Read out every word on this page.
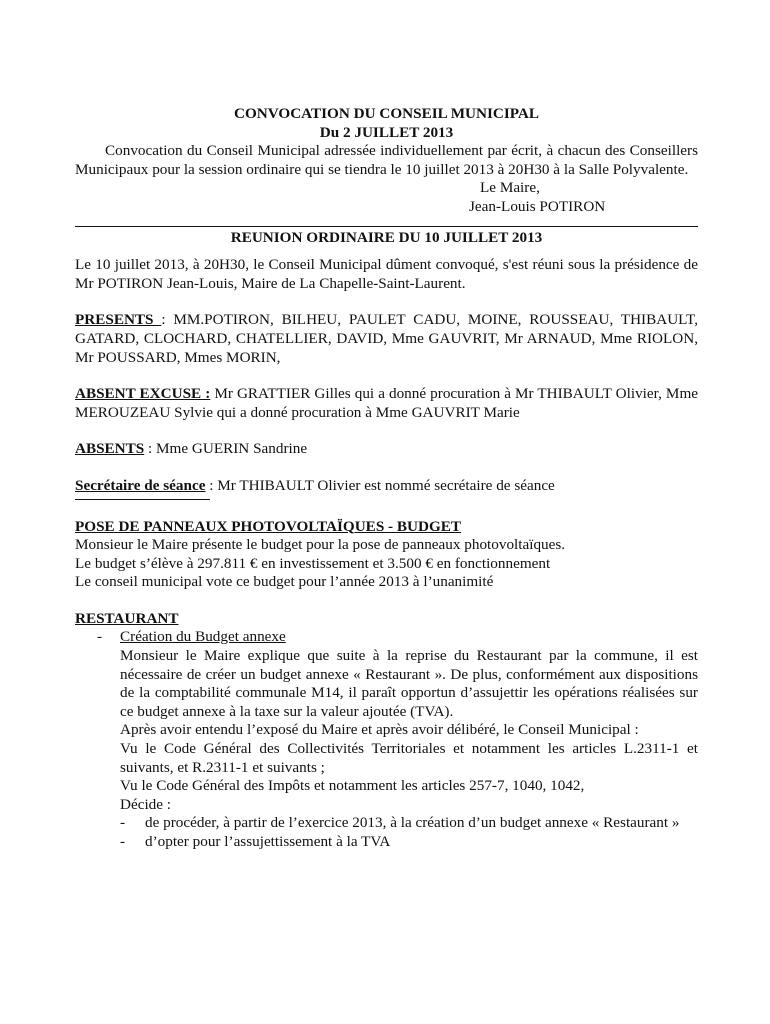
CONVOCATION DU CONSEIL MUNICIPAL
Du 2 JUILLET 2013
Convocation du Conseil Municipal adressée individuellement par écrit, à chacun des Conseillers Municipaux pour la session ordinaire qui se tiendra le 10 juillet 2013 à 20H30 à la Salle Polyvalente.
Le Maire,
Jean-Louis POTIRON
REUNION ORDINAIRE DU 10 JUILLET 2013
Le 10 juillet 2013, à 20H30, le Conseil Municipal dûment convoqué, s'est réuni sous la présidence de Mr POTIRON Jean-Louis, Maire de La Chapelle-Saint-Laurent.
PRESENTS : MM.POTIRON, BILHEU, PAULET CADU, MOINE, ROUSSEAU, THIBAULT, GATARD, CLOCHARD, CHATELLIER, DAVID, Mme GAUVRIT, Mr ARNAUD, Mme RIOLON, Mr POUSSARD, Mmes MORIN,
ABSENT EXCUSE : Mr GRATTIER Gilles qui a donné procuration à Mr THIBAULT Olivier, Mme MEROUZEAU Sylvie qui a donné procuration à Mme GAUVRIT Marie
ABSENTS : Mme GUERIN Sandrine
Secrétaire de séance : Mr THIBAULT Olivier est nommé secrétaire de séance
POSE DE PANNEAUX PHOTOVOLTAÏQUES - BUDGET
Monsieur le Maire présente le budget pour la pose de panneaux photovoltaïques.
Le budget s’élève à 297.811 € en investissement et 3.500 € en fonctionnement
Le conseil municipal vote ce budget pour l’année 2013 à l’unanimité
RESTAURANT
- Création du Budget annexe
Monsieur le Maire explique que suite à la reprise du Restaurant par la commune, il est nécessaire de créer un budget annexe « Restaurant ». De plus, conformément aux dispositions de la comptabilité communale M14, il paraît opportun d’assujettir les opérations réalisées sur ce budget annexe à la taxe sur la valeur ajoutée (TVA).
Après avoir entendu l’exposé du Maire et après avoir délibéré, le Conseil Municipal :
Vu le Code Général des Collectivités Territoriales et notamment les articles L.2311-1 et suivants, et R.2311-1 et suivants ;
Vu le Code Général des Impôts et notamment les articles 257-7, 1040, 1042,
Décide :
- de procéder, à partir de l’exercice 2013, à la création d’un budget annexe « Restaurant »
- d’opter pour l’assujettissement à la TVA
